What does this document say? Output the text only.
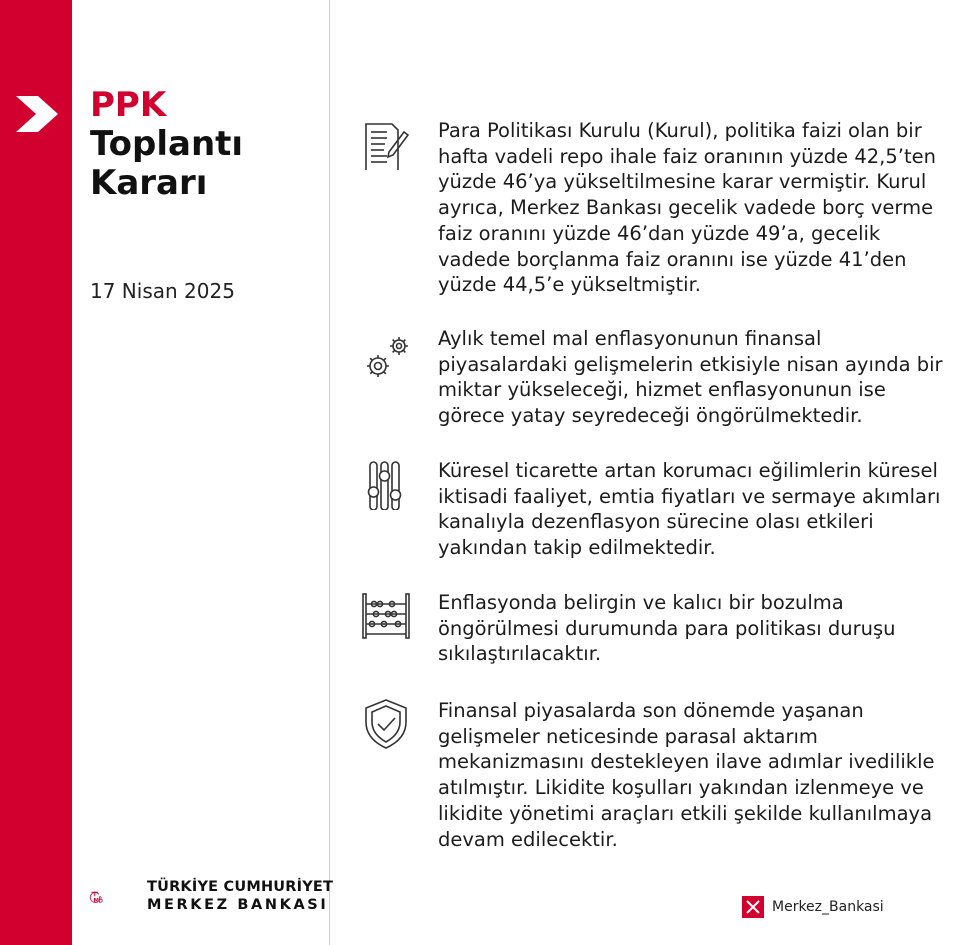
PPK
Toplantı
Kararı
17 Nisan 2025
Para Politikası Kurulu (Kurul), politika faizi olan bir hafta vadeli repo ihale faiz oranının yüzde 42,5’ten yüzde 46’ya yükseltilmesine karar vermiştir. Kurul ayrıca, Merkez Bankası gecelik vadede borç verme faiz oranını yüzde 46’dan yüzde 49’a, gecelik vadede borçlanma faiz oranını ise yüzde 41’den yüzde 44,5’e yükseltmiştir.
Aylık temel mal enflasyonunun finansal piyasalardaki gelişmelerin etkisiyle nisan ayında bir miktar yükseleceği, hizmet enflasyonunun ise görece yatay seyredeceği öngörülmektedir.
Küresel ticarette artan korumacı eğilimlerin küresel iktisadi faaliyet, emtia fiyatları ve sermaye akımları kanalıyla dezenflasyon sürecine olası etkileri yakından takip edilmektedir.
Enflasyonda belirgin ve kalıcı bir bozulma öngörülmesi durumunda para politikası duruşu sıkılaştırılacaktır.
Finansal piyasalarda son dönemde yaşanan gelişmeler neticesinde parasal aktarım mekanizmasını destekleyen ilave adımlar ivedilikle atılmıştır. Likidite koşulları yakından izlenmeye ve likidite yönetimi araçları etkili şekilde kullanılmaya devam edilecektir.
M
TÜRKİYE CUMHURİYET
MERKEZ BANKASI	Merkez_Bankasi
